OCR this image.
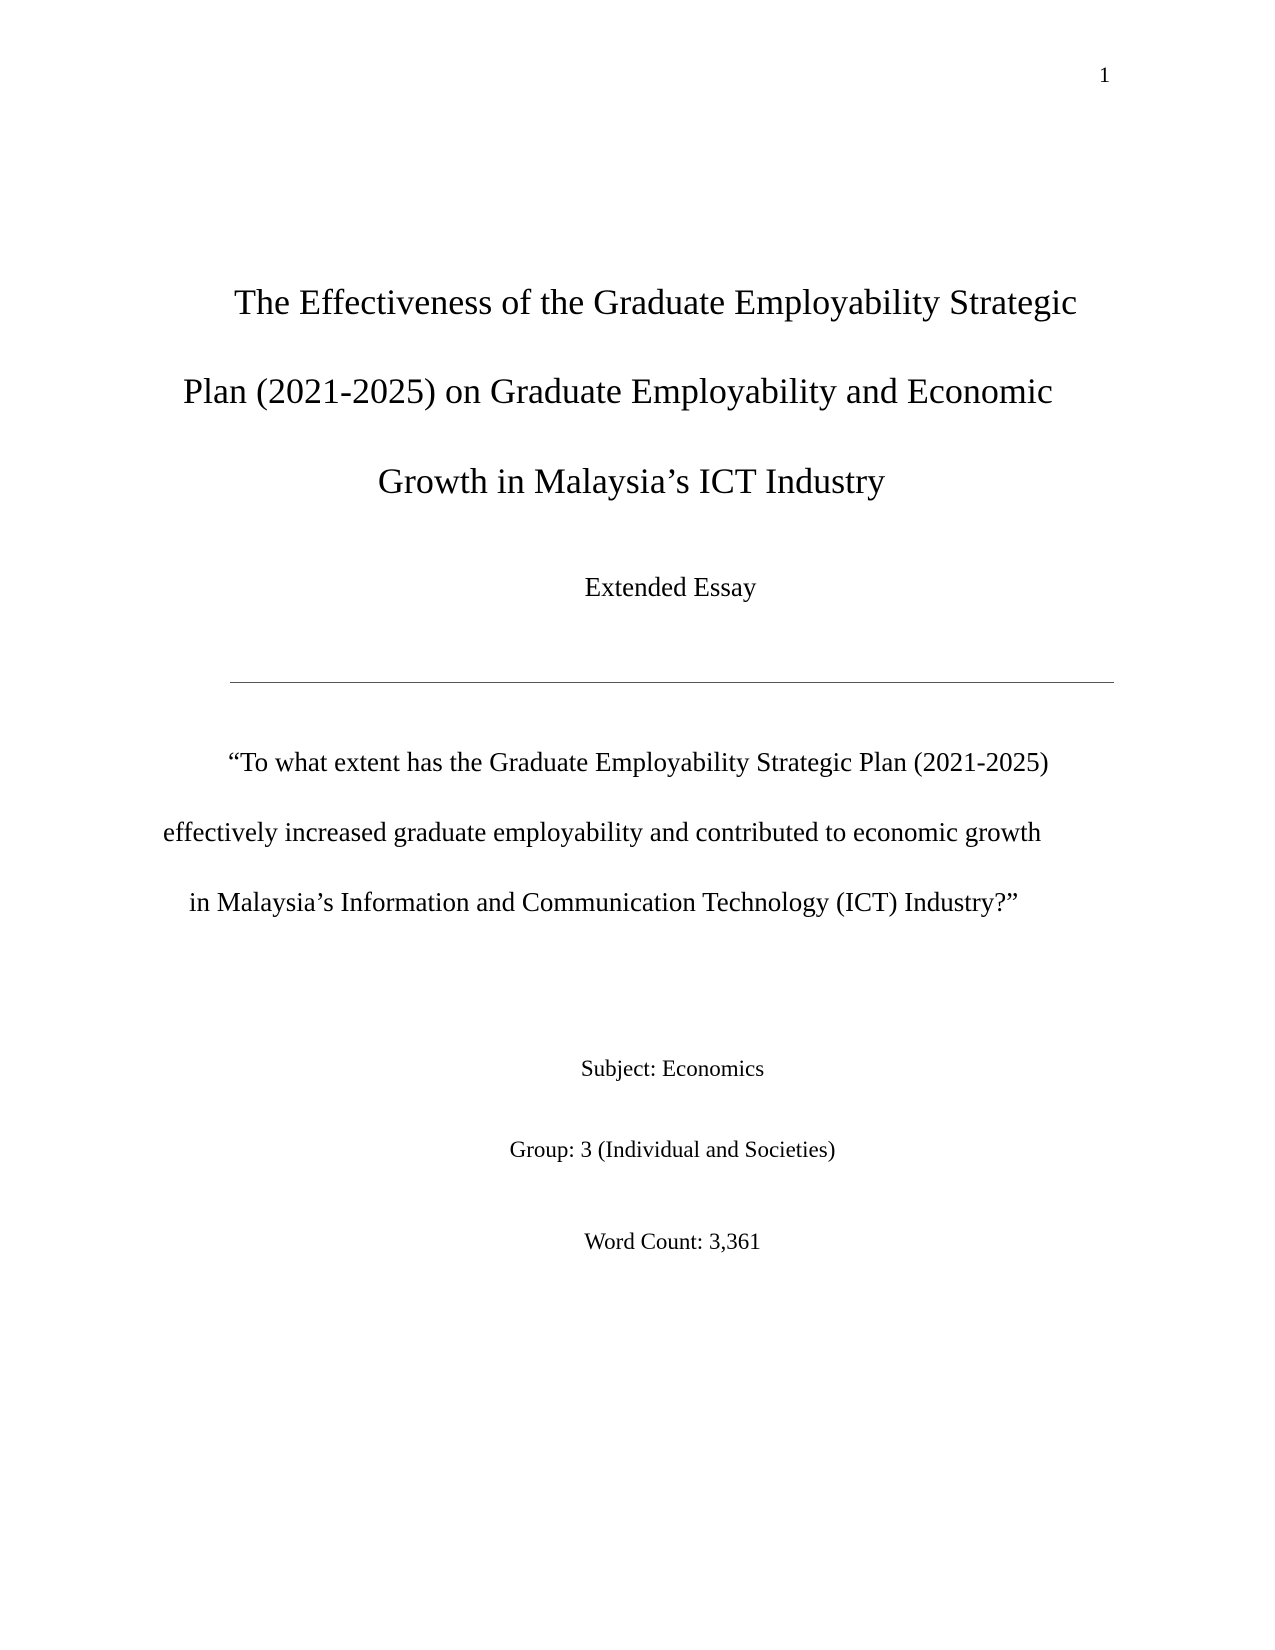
1
The Effectiveness of the Graduate Employability Strategic
Plan (2021-2025) on Graduate Employability and Economic
Growth in Malaysia’s ICT Industry
Extended Essay
“To what extent has the Graduate Employability Strategic Plan (2021-2025)
effectively increased graduate employability and contributed to economic growth
in Malaysia’s Information and Communication Technology (ICT) Industry?”
Subject: Economics
Group: 3 (Individual and Societies)
Word Count: 3,361
